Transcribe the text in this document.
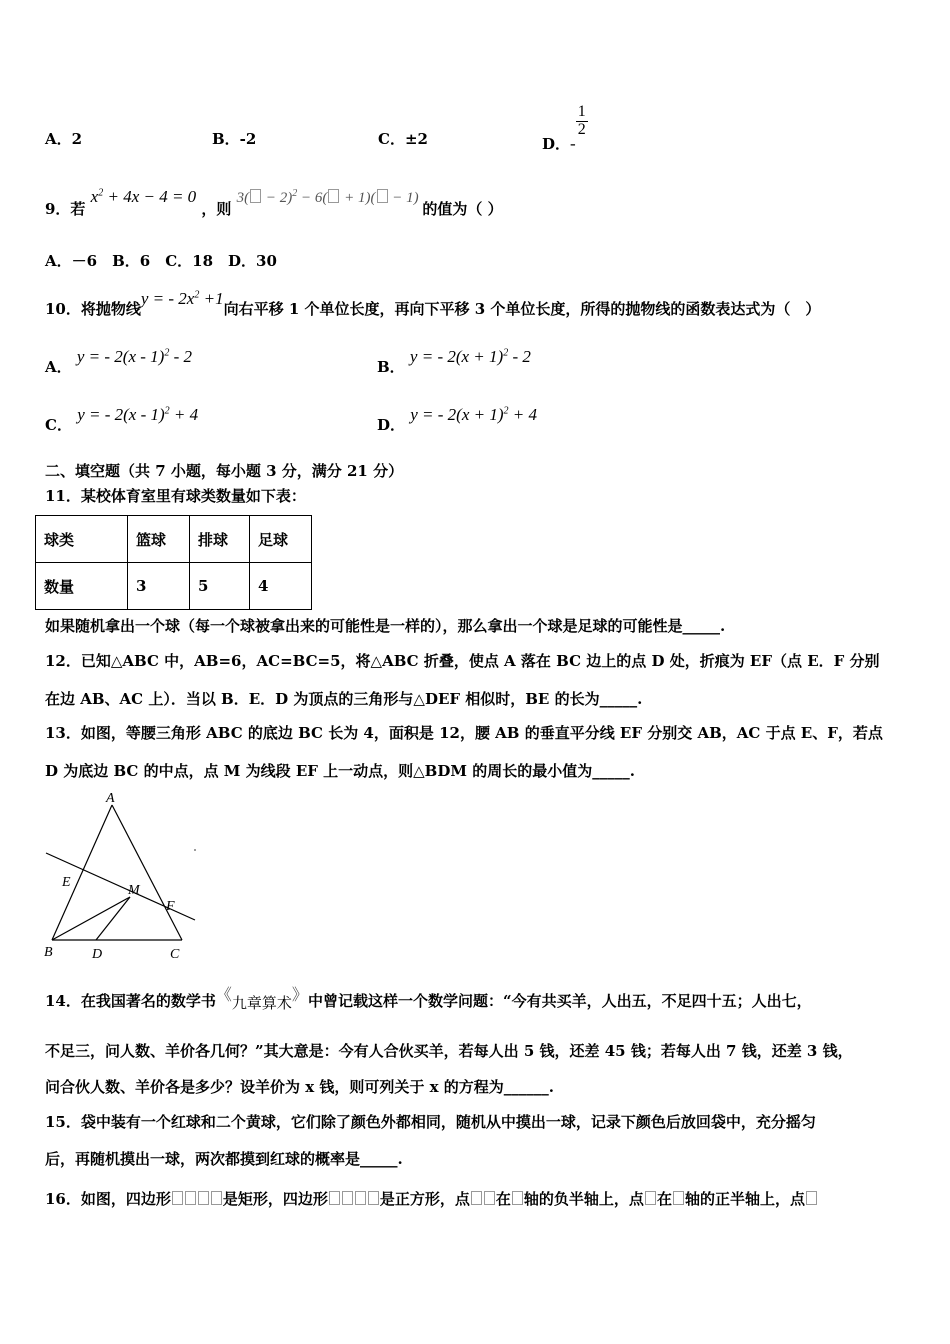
A．2	B．-2	C．±2	D．-
$\frac{1}{2}$
9．若 $x^2 + 4x - 4 = 0$ ，则 $3( - 2)^2 - 6( + 1)( - 1)$ 的值为（ ）
A．－6　B．6　C．18　D．30
10．将抛物线y = - $2x^2 +1$向右平移 1 个单位长度，再向下平移 3 个单位长度，所得的抛物线的函数表达式为（　）
A． y = - 2(x - 1)$^2$ - 2
B． y = - $2(x + 1)^2 - 2$
C． y = - 2(x - 1)$^2$ + 4
D． y = - $2(x + 1)^2 + 4$
二、填空题（共 7 小题，每小题 3 分，满分 21 分）
11．某校体育室里有球类数量如下表：
球类	篮球	排球	足球
数量	3	5	4
如果随机拿出一个球（每一个球被拿出来的可能性是一样的），那么拿出一个球是足球的可能性是_____.
12．已知△ABC 中，AB=6，AC=BC=5，将△ABC 折叠，使点 A 落在 BC 边上的点 D 处，折痕为 EF（点 E．F 分别
在边 AB、AC 上）．当以 B．E．D 为顶点的三角形与△DEF 相似时，BE 的长为_____.
13．如图，等腰三角形 ABC 的底边 BC 长为 4，面积是 12，腰 AB 的垂直平分线 EF 分别交 AB，AC 于点 E、F，若点
D 为底边 BC 的中点，点 M 为线段 EF 上一动点，则△BDM 的周长的最小值为_____.
A
B	C
D
E
F
M
14．在我国著名的数学书《九章算术》中曾记载这样一个数学问题：“今有共买羊，人出五，不足四十五；人出七，
不足三，问人数、羊价各几何？”其大意是：今有人合伙买羊，若每人出 5 钱，还差 45 钱；若每人出 7 钱，还差 3 钱，
问合伙人数、羊价各是多少？设羊价为 x 钱，则可列关于 x 的方程为______.
15．袋中装有一个红球和二个黄球，它们除了颜色外都相同，随机从中摸出一球，记录下颜色后放回袋中，充分摇匀
后，再随机摸出一球，两次都摸到红球的概率是_____.
16．如图，四边形	是矩形，四边形	是正方形，点 在 轴的负半轴上，点 在 轴的正半轴上，点
